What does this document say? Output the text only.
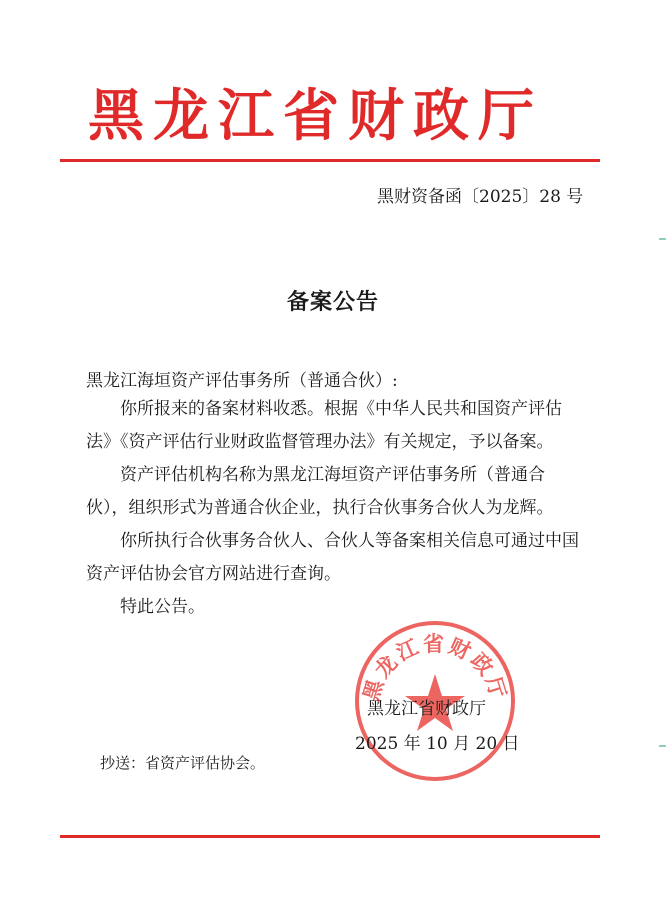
黑龙江省财政厅
黑财资备函〔2025〕28 号
备案公告
黑龙江海垣资产评估事务所（普通合伙）:

你所报来的备案材料收悉。根据《中华人民共和国资产评估法》《资产评估行业财政监督管理办法》有关规定，予以备案。

资产评估机构名称为黑龙江海垣资产评估事务所（普通合伙），组织形式为普通合伙企业，执行合伙事务合伙人为龙辉。

你所执行合伙事务合伙人、合伙人等备案相关信息可通过中国资产评估协会官方网站进行查询。

特此公告。

黑龙江省财政厅
黑龙江省财政厅
2025 年 10 月 20 日
抄送：省资产评估协会。
